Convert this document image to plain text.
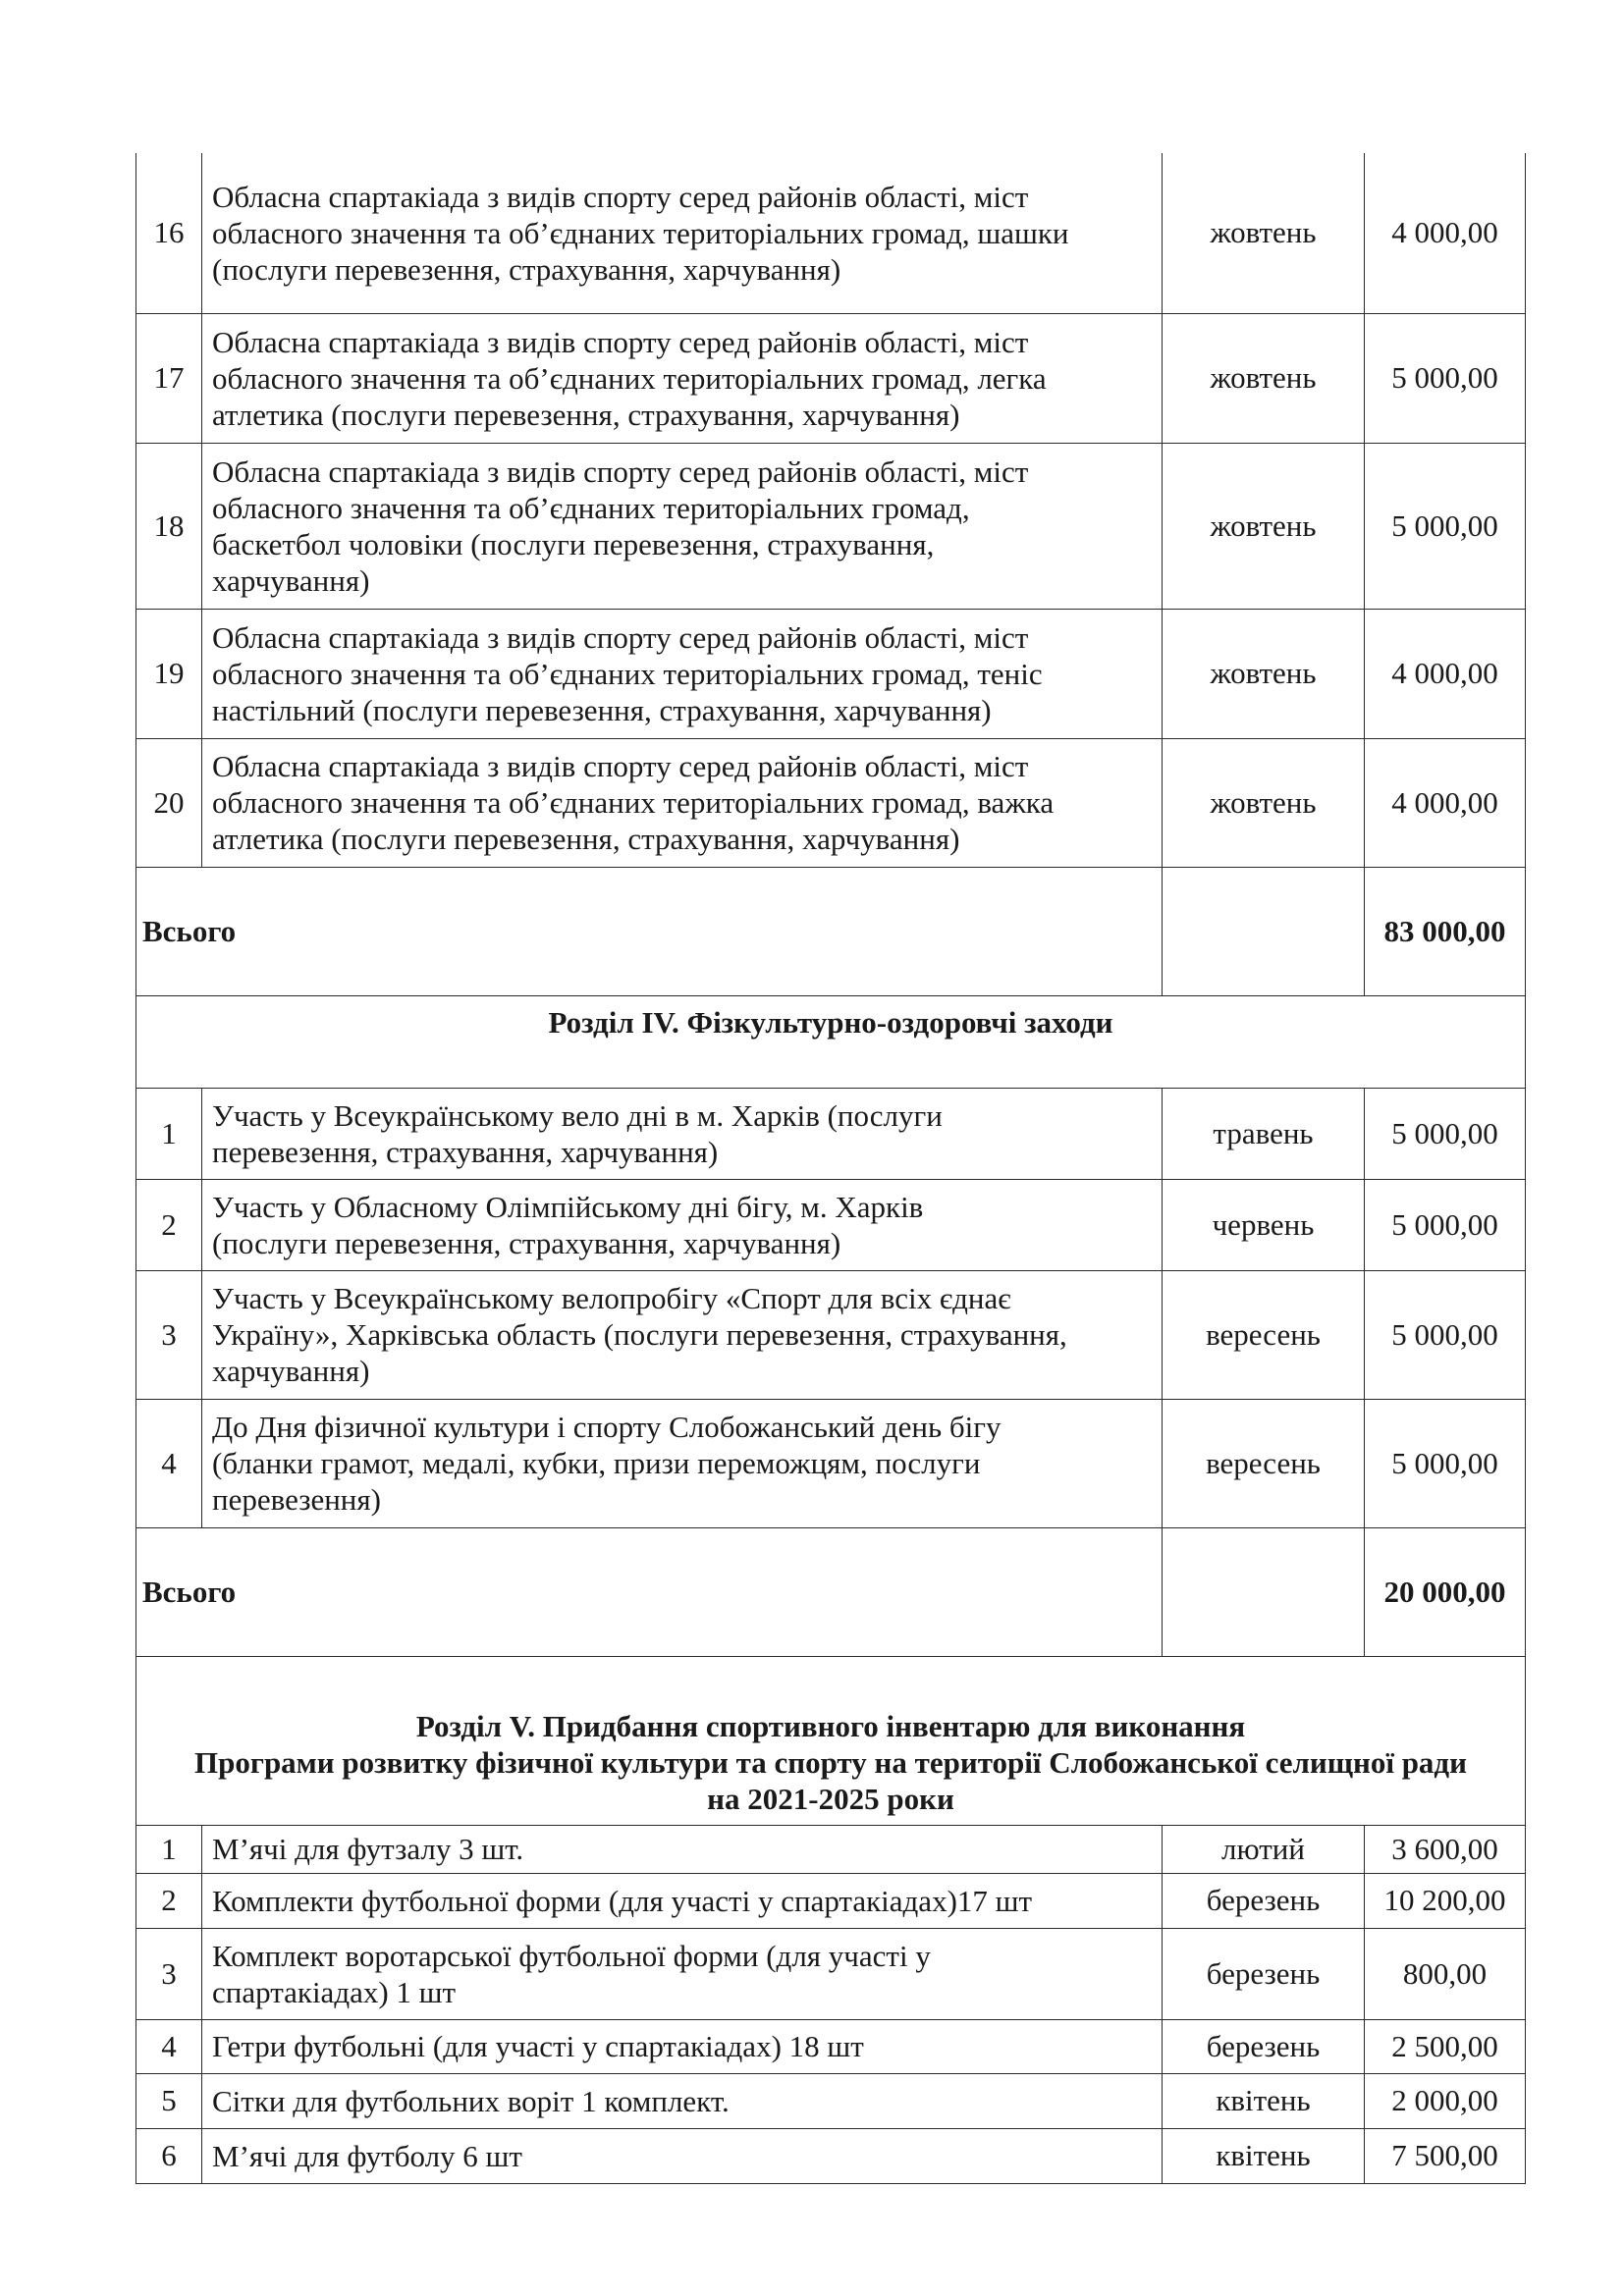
16	Обласна спартакіада з видів спорту серед районів області, міст
обласного значення та об’єднаних територіальних громад, шашки
(послуги перевезення, страхування, харчування)	жовтень	4 000,00
17	Обласна спартакіада з видів спорту серед районів області, міст
обласного значення та об’єднаних територіальних громад, легка
атлетика (послуги перевезення, страхування, харчування)	жовтень	5 000,00
18	Обласна спартакіада з видів спорту серед районів області, міст
обласного значення та об’єднаних територіальних громад,
баскетбол чоловіки (послуги перевезення, страхування,
харчування)	жовтень	5 000,00
19	Обласна спартакіада з видів спорту серед районів області, міст
обласного значення та об’єднаних територіальних громад, теніс
настільний (послуги перевезення, страхування, харчування)	жовтень	4 000,00
20	Обласна спартакіада з видів спорту серед районів області, міст
обласного значення та об’єднаних територіальних громад, важка
атлетика (послуги перевезення, страхування, харчування)	жовтень	4 000,00
Всього			83 000,00
Розділ IV. Фізкультурно-оздоровчі заходи			
1	Участь у Всеукраїнському вело дні в м. Харків (послуги
перевезення, страхування, харчування)	травень	5 000,00
2	Участь у Обласному Олімпійському дні бігу, м. Харків
(послуги перевезення, страхування, харчування)	червень	5 000,00
3	Участь у Всеукраїнському велопробігу «Спорт для всіх єднає
Україну», Харківська область (послуги перевезення, страхування,
харчування)	вересень	5 000,00
4	До Дня фізичної культури і спорту Слобожанський день бігу
(бланки грамот, медалі, кубки, призи переможцям, послуги
перевезення)	вересень	5 000,00
Всього			20 000,00

Розділ V. Придбання спортивного інвентарю для виконання
Програми розвитку фізичної культури та спорту на території Слобожанської селищної ради
на 2021-2025 роки			

1	М’ячі для футзалу 3 шт.	лютий	3 600,00
2	Комплекти футбольної форми (для участі у спартакіадах)17 шт	березень	10 200,00
3	Комплект воротарської футбольної форми (для участі у
спартакіадах) 1 шт	березень	800,00
4	Гетри футбольні (для участі у спартакіадах) 18 шт	березень	2 500,00
5	Сітки для футбольних воріт 1 комплект.	квітень	2 000,00
6	М’ячі для футболу 6 шт	квітень	7 500,00
